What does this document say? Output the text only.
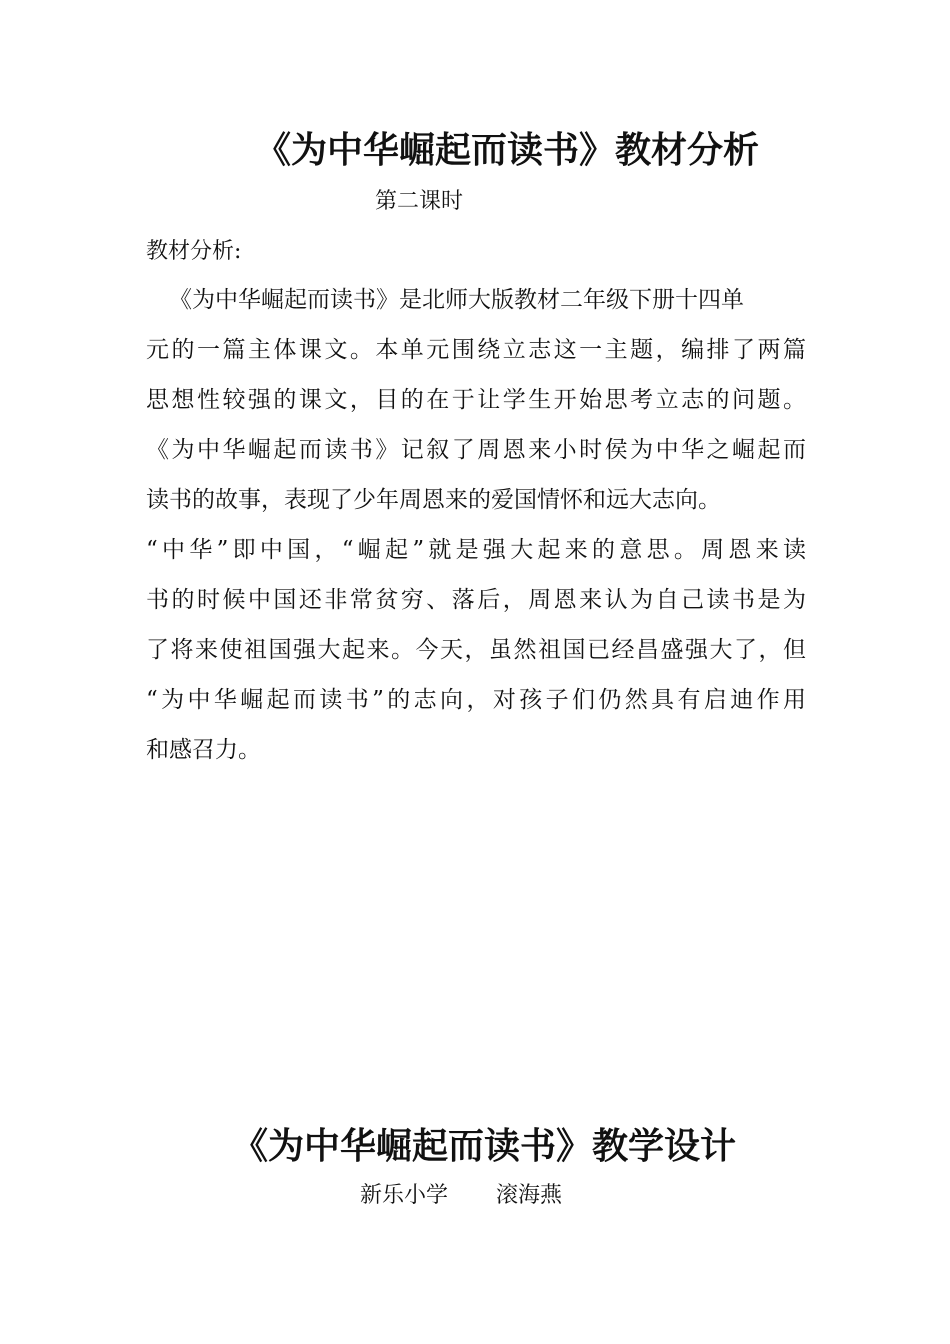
《为中华崛起而读书》教材分析
第二课时
教材分析:
《为中华崛起而读书》是北师大版教材二年级下册十四单
元的一篇主体课文。本单元围绕立志这一主题，编排了两篇
思想性较强的课文，目的在于让学生开始思考立志的问题。
《为中华崛起而读书》记叙了周恩来小时侯为中华之崛起而
读书的故事，表现了少年周恩来的爱国情怀和远大志向。
“中华”即中国，“崛起”就是强大起来的意思。周恩来读
书的时候中国还非常贫穷、落后，周恩来认为自己读书是为
了将来使祖国强大起来。今天，虽然祖国已经昌盛强大了，但
“为中华崛起而读书”的志向，对孩子们仍然具有启迪作用
和感召力。
《为中华崛起而读书》教学设计
新乐小学 滚海燕
